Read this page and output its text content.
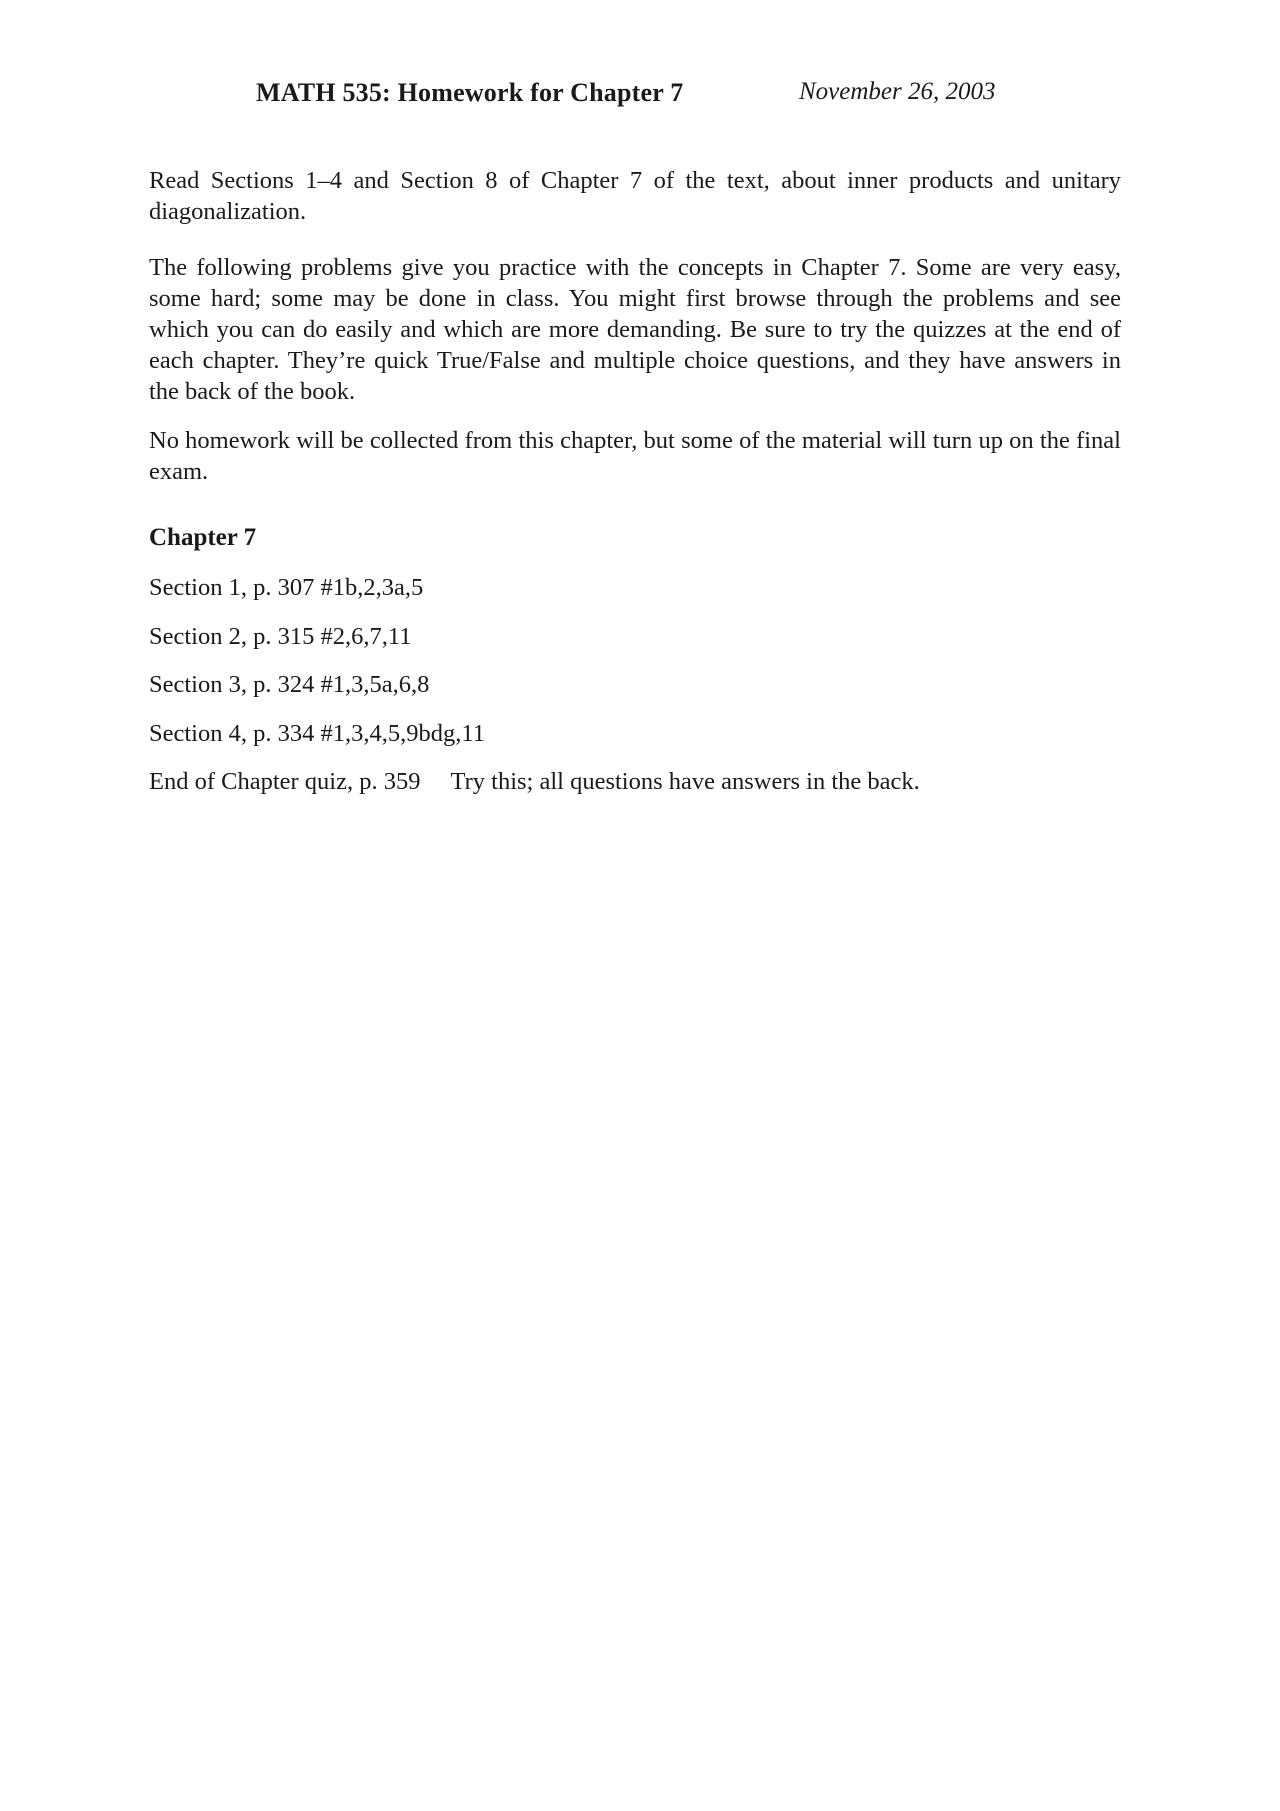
MATH 535: Homework for Chapter 7	November 26, 2003

Read Sections 1–4 and Section 8 of Chapter 7 of the text, about inner products and unitary diagonalization.

The following problems give you practice with the concepts in Chapter 7. Some are very easy, some hard; some may be done in class. You might first browse through the problems and see which you can do easily and which are more demanding. Be sure to try the quizzes at the end of each chapter. They’re quick True/False and multiple choice questions, and they have answers in the back of the book.

No homework will be collected from this chapter, but some of the material will turn up on the final exam.

Chapter 7
Section 1, p. 307 #1b,2,3a,5
Section 2, p. 315 #2,6,7,11
Section 3, p. 324 #1,3,5a,6,8
Section 4, p. 334 #1,3,4,5,9bdg,11
End of Chapter quiz, p. 359 Try this; all questions have answers in the back.
